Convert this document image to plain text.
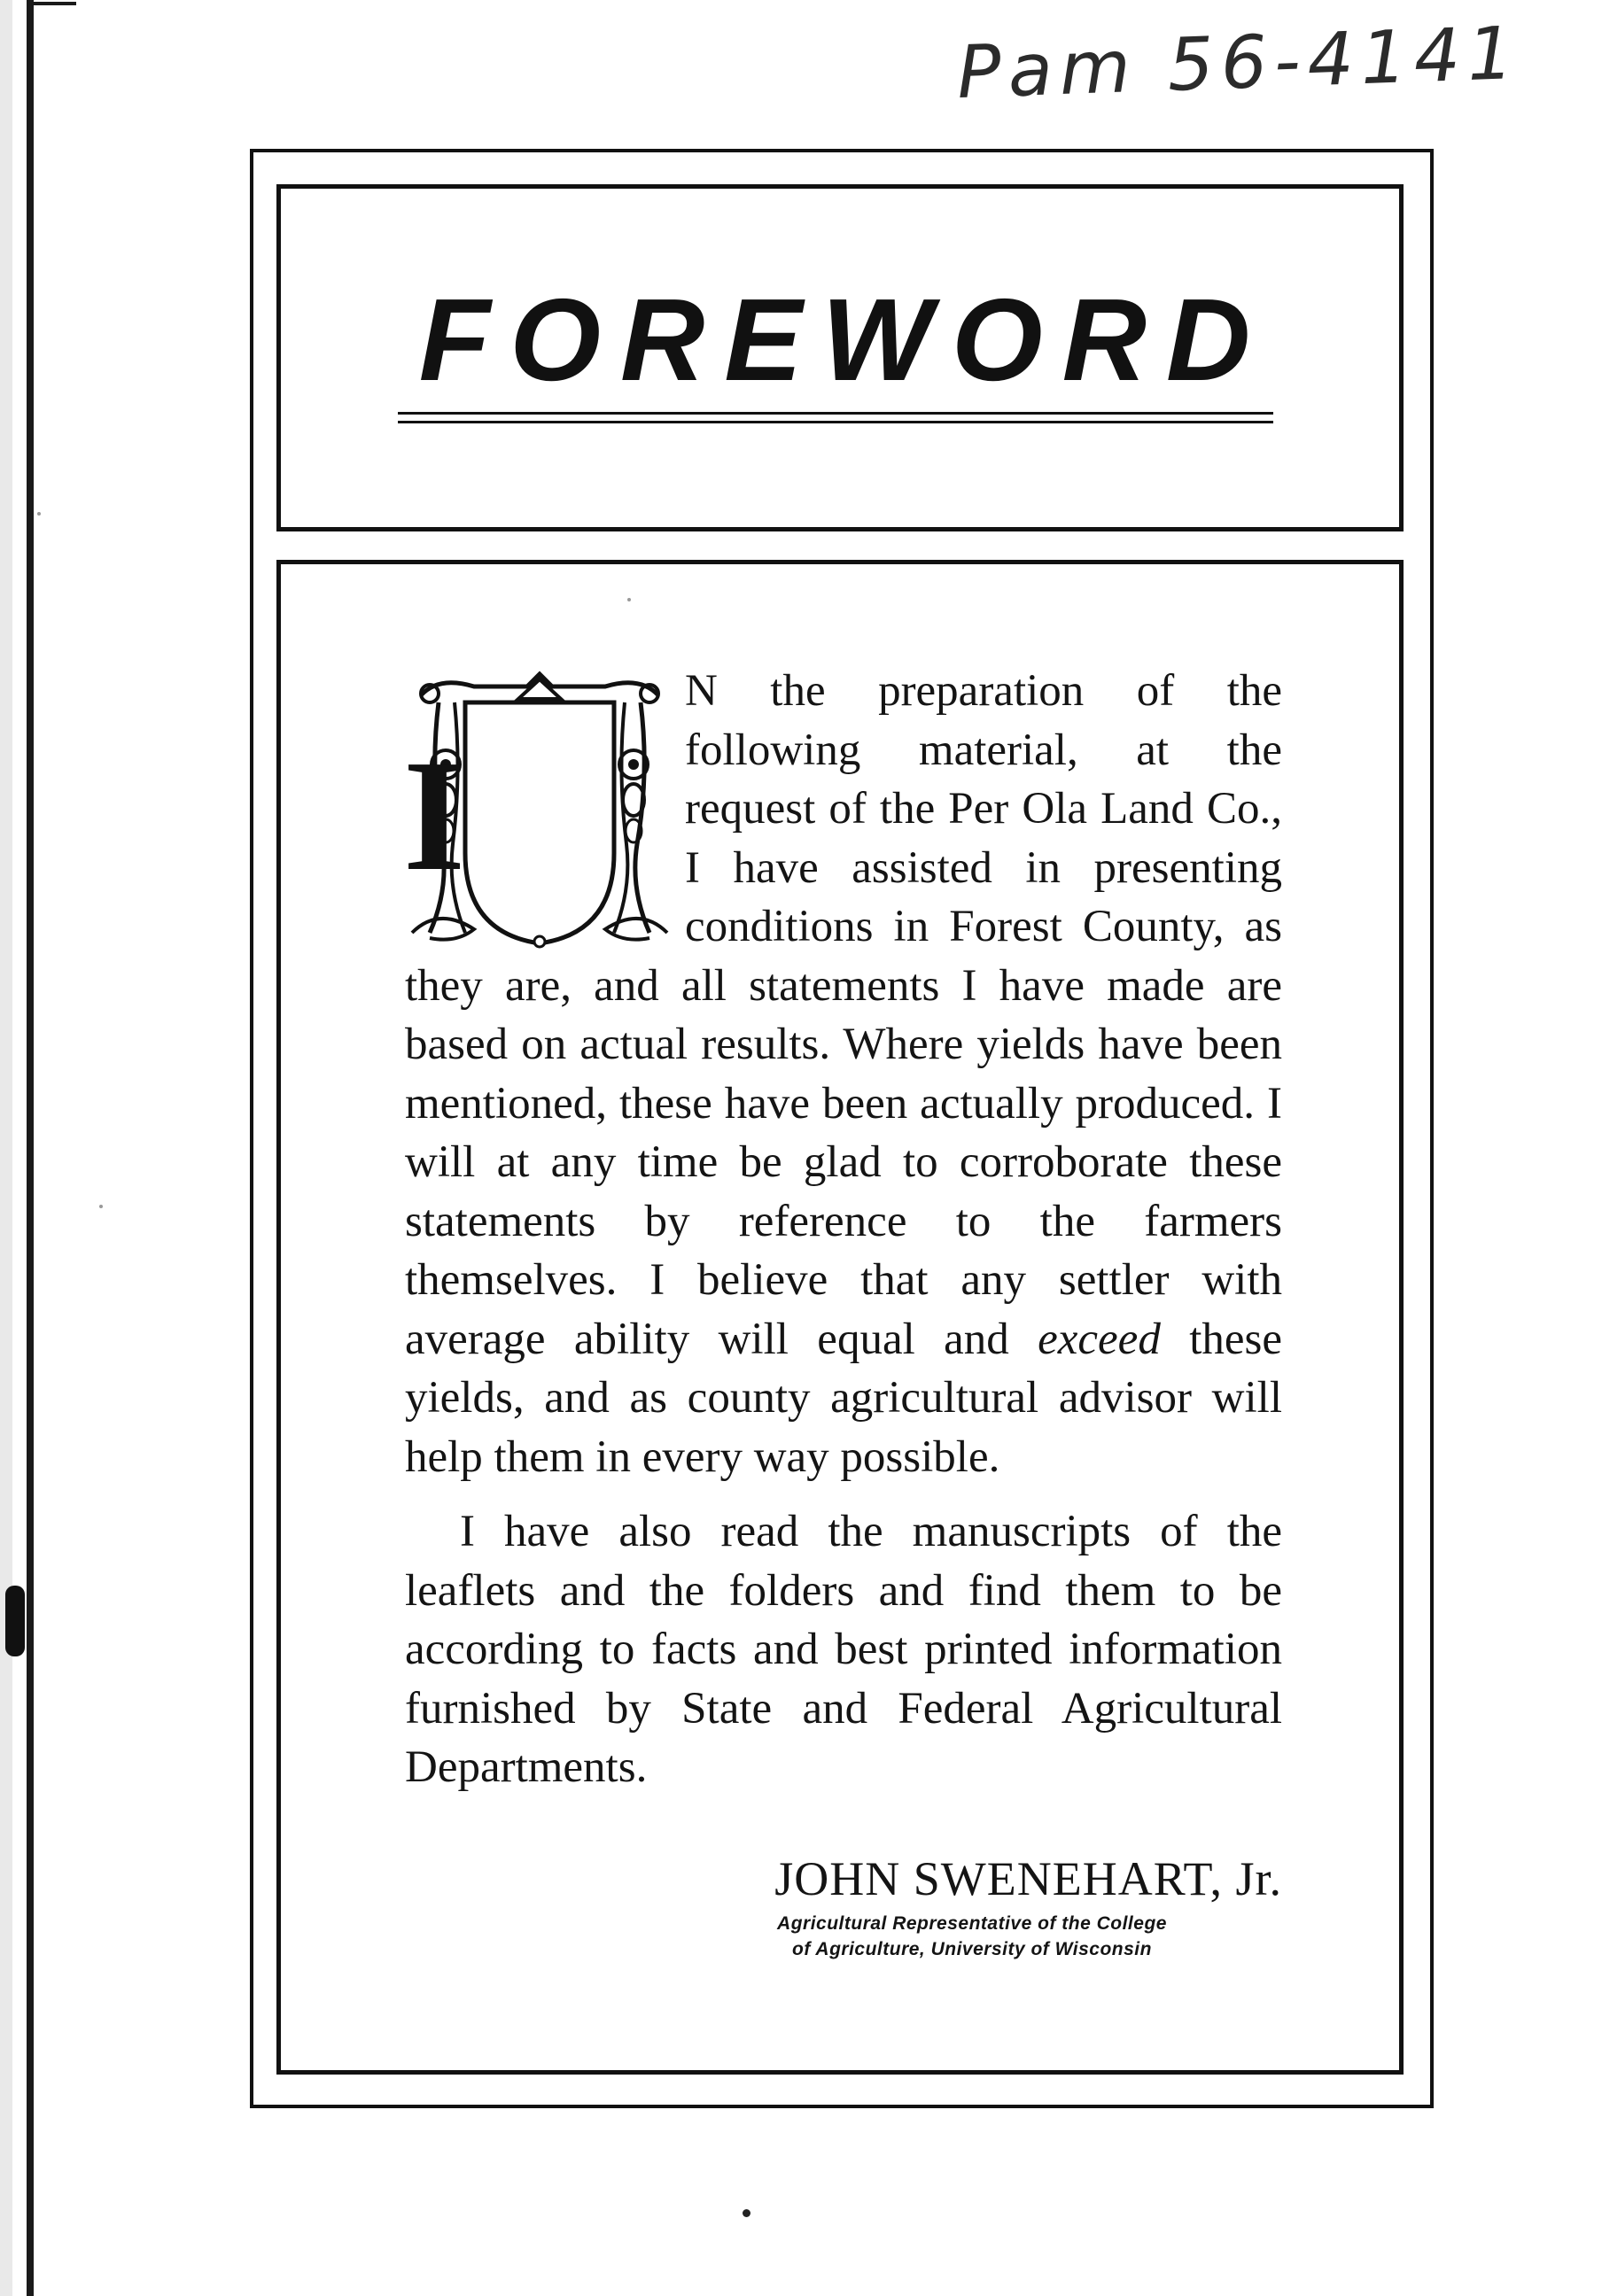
Pam 56-4141
FOREWORD

I
N the preparation of the following material, at the request of the Per Ola Land Co., I have assisted in presenting conditions in Forest County, as they are, and all statements I have made are based on actual results. Where yields have been mentioned, these have been actually produced. I will at any time be glad to corroborate these statements by reference to the farmers themselves. I believe that any settler with average ability will equal and exceed these yields, and as county agricultural advisor will help them in every way possible.

I have also read the manuscripts of the leaflets and the folders and find them to be according to facts and best printed information furnished by State and Federal Agricultural Departments.

JOHN SWENEHART, Jr.
Agricultural Representative of the College
of Agriculture, University of Wisconsin
